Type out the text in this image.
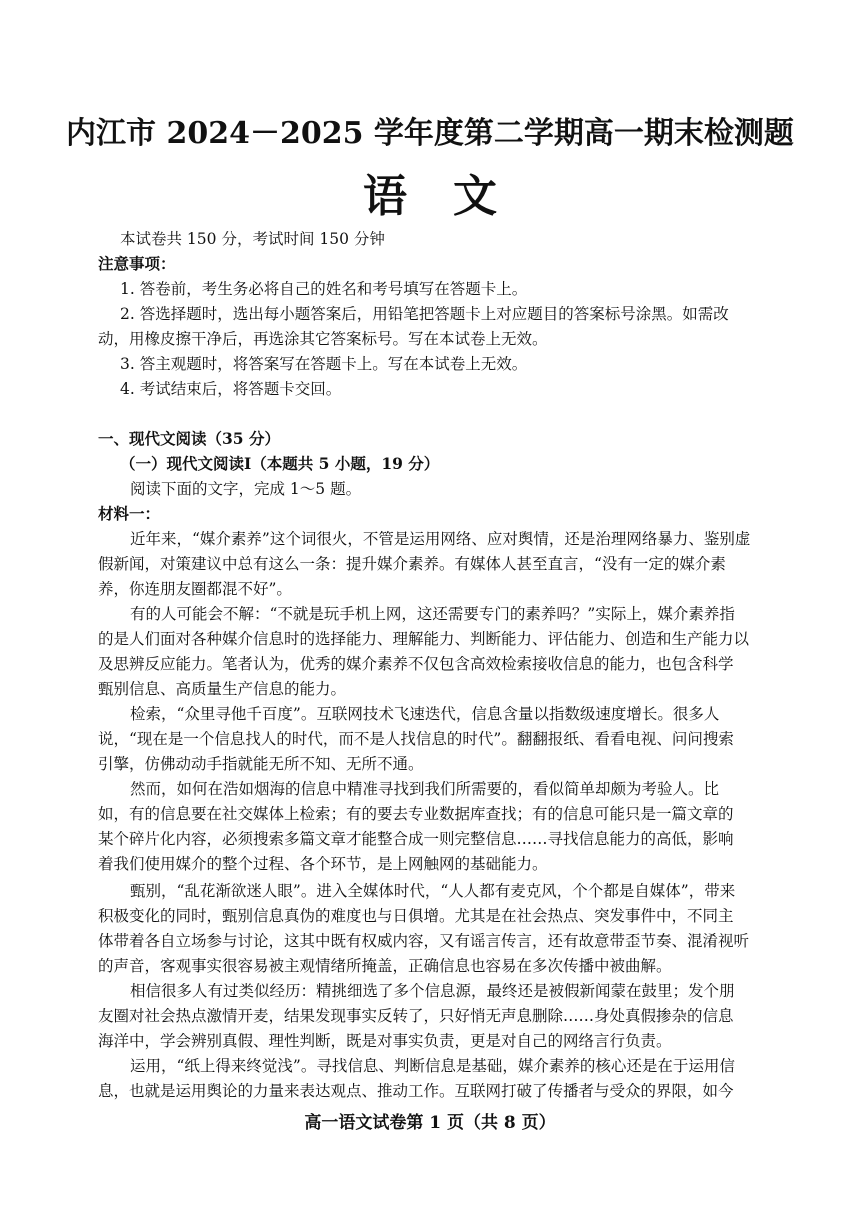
内江市 2024－2025 学年度第二学期高一期末检测题
语文
本试卷共 150 分，考试时间 150 分钟
注意事项：
1. 答卷前，考生务必将自己的姓名和考号填写在答题卡上。
2. 答选择题时，选出每小题答案后，用铅笔把答题卡上对应题目的答案标号涂黑。如需改
动，用橡皮擦干净后，再选涂其它答案标号。写在本试卷上无效。
3. 答主观题时，将答案写在答题卡上。写在本试卷上无效。
4. 考试结束后，将答题卡交回。
一、现代文阅读（35 分）
（一）现代文阅读Ⅰ（本题共 5 小题，19 分）
阅读下面的文字，完成 1～5 题。
材料一：
近年来，“媒介素养”这个词很火，不管是运用网络、应对舆情，还是治理网络暴力、鉴别虚
假新闻，对策建议中总有这么一条：提升媒介素养。有媒体人甚至直言，“没有一定的媒介素
养，你连朋友圈都混不好”。
有的人可能会不解：“不就是玩手机上网，这还需要专门的素养吗？”实际上，媒介素养指
的是人们面对各种媒介信息时的选择能力、理解能力、判断能力、评估能力、创造和生产能力以
及思辨反应能力。笔者认为，优秀的媒介素养不仅包含高效检索接收信息的能力，也包含科学
甄别信息、高质量生产信息的能力。
检索，“众里寻他千百度”。互联网技术飞速迭代，信息含量以指数级速度增长。很多人
说，“现在是一个信息找人的时代，而不是人找信息的时代”。翻翻报纸、看看电视、问问搜索
引擎，仿佛动动手指就能无所不知、无所不通。
然而，如何在浩如烟海的信息中精准寻找到我们所需要的，看似简单却颇为考验人。比
如，有的信息要在社交媒体上检索；有的要去专业数据库查找；有的信息可能只是一篇文章的
某个碎片化内容，必须搜索多篇文章才能整合成一则完整信息……寻找信息能力的高低，影响
着我们使用媒介的整个过程、各个环节，是上网触网的基础能力。
甄别，“乱花渐欲迷人眼”。进入全媒体时代，“人人都有麦克风，个个都是自媒体”，带来
积极变化的同时，甄别信息真伪的难度也与日俱增。尤其是在社会热点、突发事件中，不同主
体带着各自立场参与讨论，这其中既有权威内容，又有谣言传言，还有故意带歪节奏、混淆视听
的声音，客观事实很容易被主观情绪所掩盖，正确信息也容易在多次传播中被曲解。
相信很多人有过类似经历：精挑细选了多个信息源，最终还是被假新闻蒙在鼓里；发个朋
友圈对社会热点激情开麦，结果发现事实反转了，只好悄无声息删除……身处真假掺杂的信息
海洋中，学会辨别真假、理性判断，既是对事实负责，更是对自己的网络言行负责。
运用，“纸上得来终觉浅”。寻找信息、判断信息是基础，媒介素养的核心还是在于运用信
息，也就是运用舆论的力量来表达观点、推动工作。互联网打破了传播者与受众的界限，如今
高一语文试卷第 1 页（共 8 页）
